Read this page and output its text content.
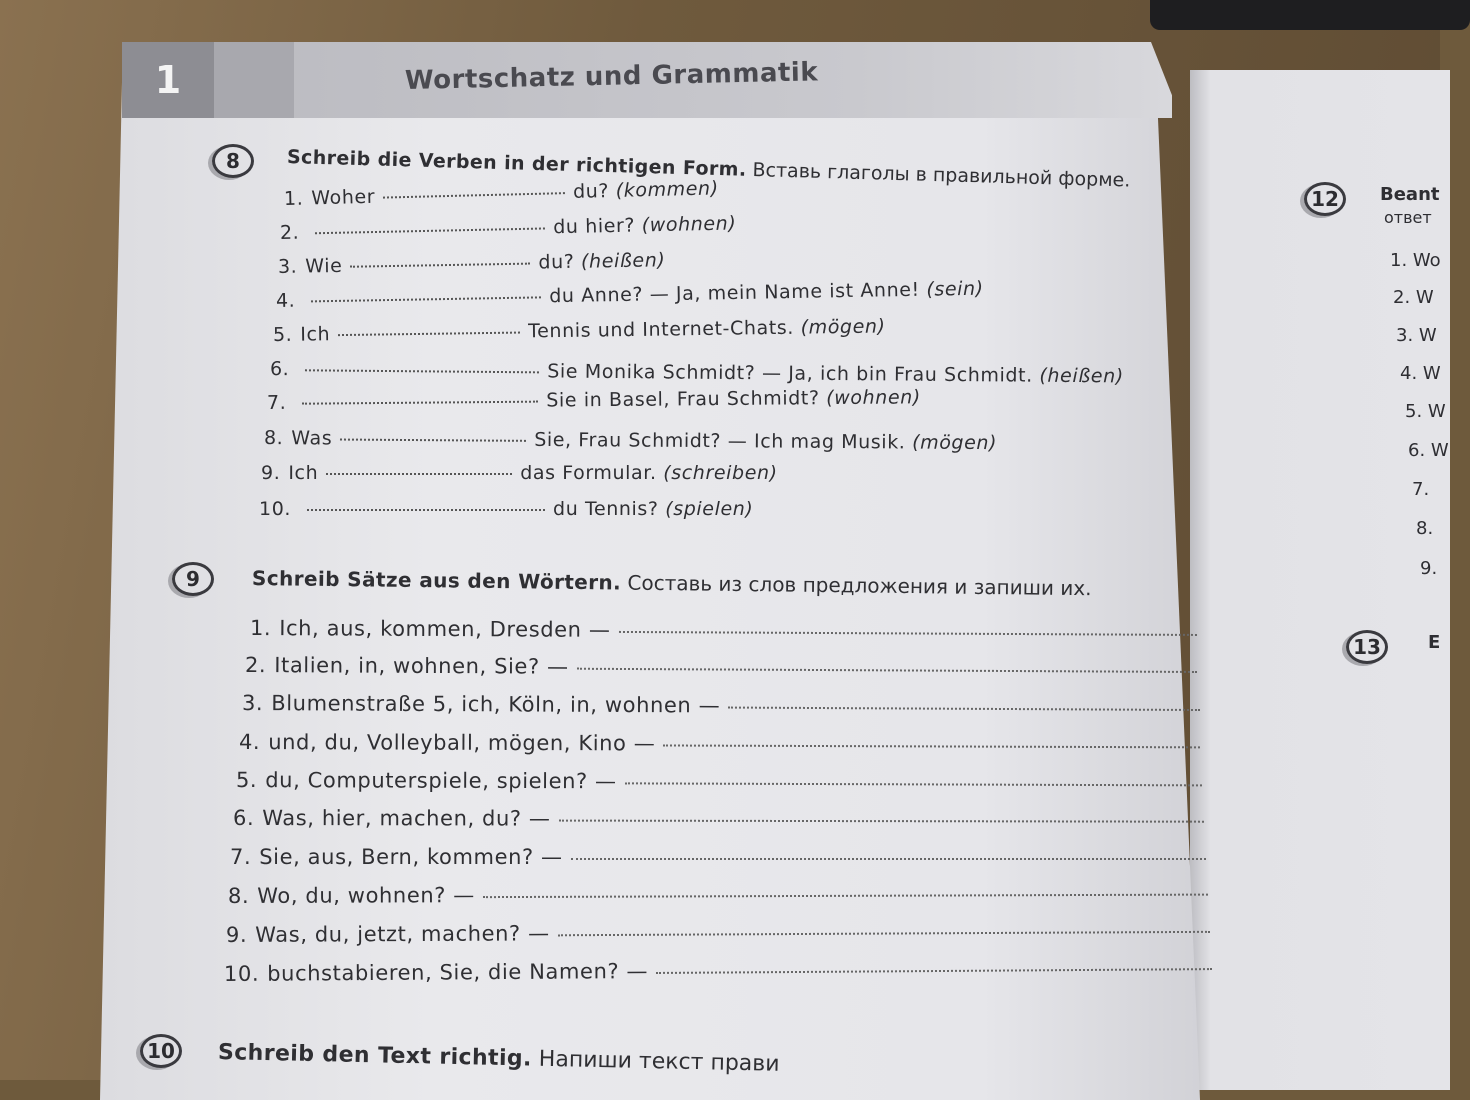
1	Wortschatz und Grammatik
8	Schreib die Verben in der richtigen Form. Вставь глаголы в правильной форме.
1. Woher	du?
(kommen)
2.	du hier?
(wohnen)
3. Wie	du?
(heißen)
4.	du Anne? — Ja, mein Name ist Anne!
(sein)
5. Ich	Tennis und Internet-Chats.
(mögen)
6.	Sie Monika Schmidt? — Ja, ich bin Frau Schmidt.
(heißen)
7.	Sie in Basel, Frau Schmidt?
(wohnen)
8. Was	Sie, Frau Schmidt? — Ich mag Musik.
(mögen)
9. Ich	das Formular.
(schreiben)
10.	du Tennis?
(spielen)
9	Schreib Sätze aus den Wörtern. Составь из слов предложения и запиши их.
1. Ich, aus, kommen, Dresden —
2. Italien, in, wohnen, Sie? —
3. Blumenstraße 5, ich, Köln, in, wohnen —
4. und, du, Volleyball, mögen, Kino —
5. du, Computerspiele, spielen? —
6. Was, hier, machen, du? —
7. Sie, aus, Bern, kommen? —
8. Wo, du, wohnen? —
9. Was, du, jetzt, machen? —
10. buchstabieren, Sie, die Namen? —
10	Schreib den Text richtig. Напиши текст прави
12	Beant
ответ
1. Wo
2. W
3. W
4. W
5. W
6. W
7.
8.
9.
13	E
